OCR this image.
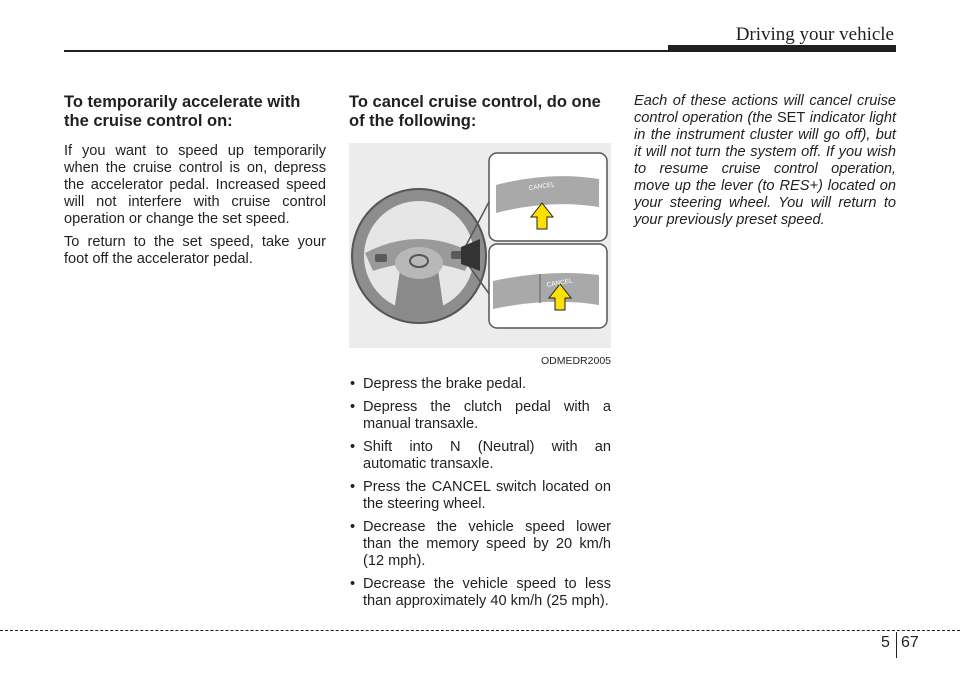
Driving your vehicle
To temporarily accelerate with the cruise control on:

If you want to speed up temporarily when the cruise control is on, depress the accelerator pedal. Increased speed will not interfere with cruise control operation or change the set speed.

To return to the set speed, take your foot off the accelerator pedal.

To cancel cruise control, do one of the following:
CANCEL
CANCEL
ODMEDR2005
• Depress the brake pedal.
• Depress the clutch pedal with a manual transaxle.
• Shift into N (Neutral) with an automatic transaxle.
• Press the CANCEL switch located on the steering wheel.
• Decrease the vehicle speed lower than the memory speed by 20 km/h (12 mph).
• Decrease the vehicle speed to less than approximately 40 km/h (25 mph).

Each of these actions will cancel cruise control operation (the SET indicator light in the instrument cluster will go off), but it will not turn the system off. If you wish to resume cruise control operation, move up the lever (to RES+) located on your steering wheel. You will return to your previously preset speed.

5 67
